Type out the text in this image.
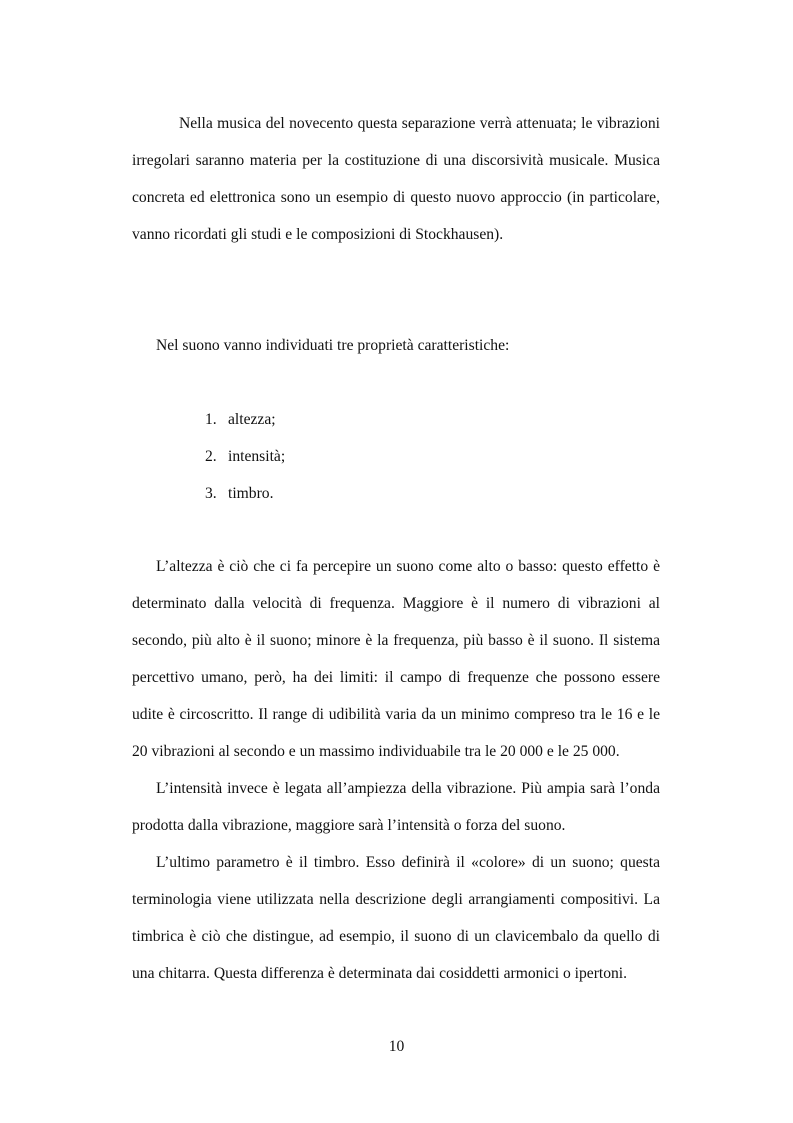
Nella musica del novecento questa separazione verrà attenuata; le vibrazioni irregolari saranno materia per la costituzione di una discorsività musicale. Musica concreta ed elettronica sono un esempio di questo nuovo approccio (in particolare, vanno ricordati gli studi e le composizioni di Stockhausen).

Nel suono vanno individuati tre proprietà caratteristiche:

1. altezza;
2. intensità;
3. timbro.

L’altezza è ciò che ci fa percepire un suono come alto o basso: questo effetto è determinato dalla velocità di frequenza. Maggiore è il numero di vibrazioni al secondo, più alto è il suono; minore è la frequenza, più basso è il suono. Il sistema percettivo umano, però, ha dei limiti: il campo di frequenze che possono essere udite è circoscritto. Il range di udibilità varia da un minimo compreso tra le 16 e le 20 vibrazioni al secondo e un massimo individuabile tra le 20 000 e le 25 000.

L’intensità invece è legata all’ampiezza della vibrazione. Più ampia sarà l’onda prodotta dalla vibrazione, maggiore sarà l’intensità o forza del suono.

L’ultimo parametro è il timbro. Esso definirà il «colore» di un suono; questa terminologia viene utilizzata nella descrizione degli arrangiamenti compositivi. La timbrica è ciò che distingue, ad esempio, il suono di un clavicembalo da quello di una chitarra. Questa differenza è determinata dai cosiddetti armonici o ipertoni.

10
